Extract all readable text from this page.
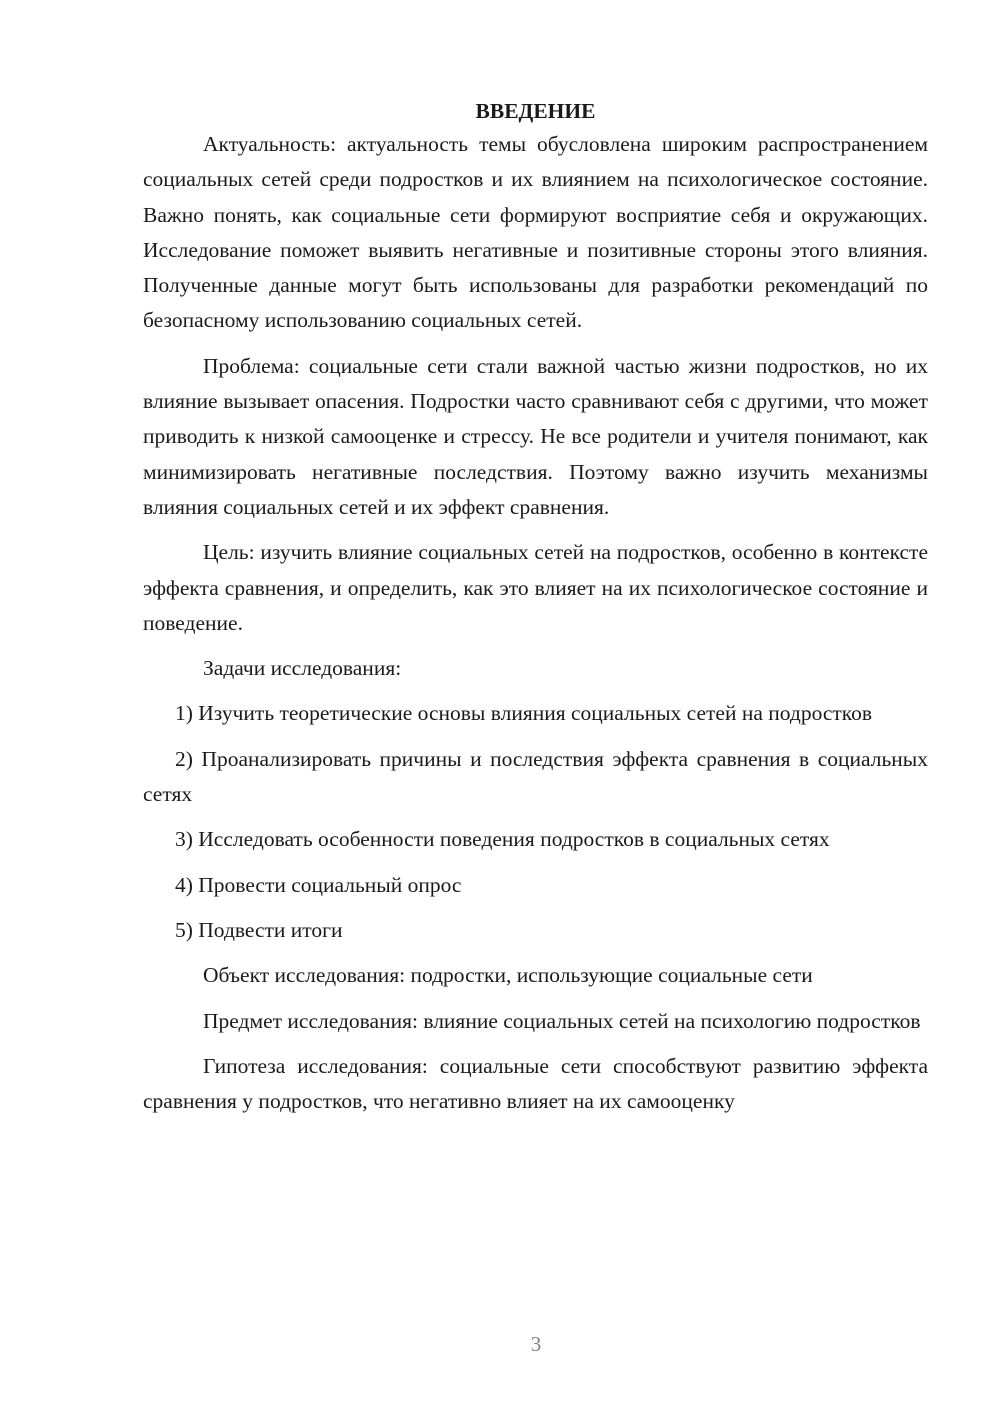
ВВЕДЕНИЕ

Актуальность: актуальность темы обусловлена широким распространением социальных сетей среди подростков и их влиянием на психологическое состояние. Важно понять, как социальные сети формируют восприятие себя и окружающих. Исследование поможет выявить негативные и позитивные стороны этого влияния. Полученные данные могут быть использованы для разработки рекомендаций по безопасному использованию социальных сетей.

Проблема: социальные сети стали важной частью жизни подростков, но их влияние вызывает опасения. Подростки часто сравнивают себя с другими, что может приводить к низкой самооценке и стрессу. Не все родители и учителя понимают, как минимизировать негативные последствия. Поэтому важно изучить механизмы влияния социальных сетей и их эффект сравнения.

Цель: изучить влияние социальных сетей на подростков, особенно в контексте эффекта сравнения, и определить, как это влияет на их психологическое состояние и поведение.

Задачи исследования:

1) Изучить теоретические основы влияния социальных сетей на подростков

2) Проанализировать причины и последствия эффекта сравнения в социальных сетях

3) Исследовать особенности поведения подростков в социальных сетях

4) Провести социальный опрос

5) Подвести итоги

Объект исследования: подростки, использующие социальные сети

Предмет исследования: влияние социальных сетей на психологию подростков

Гипотеза исследования: социальные сети способствуют развитию эффекта сравнения у подростков, что негативно влияет на их самооценку

3
